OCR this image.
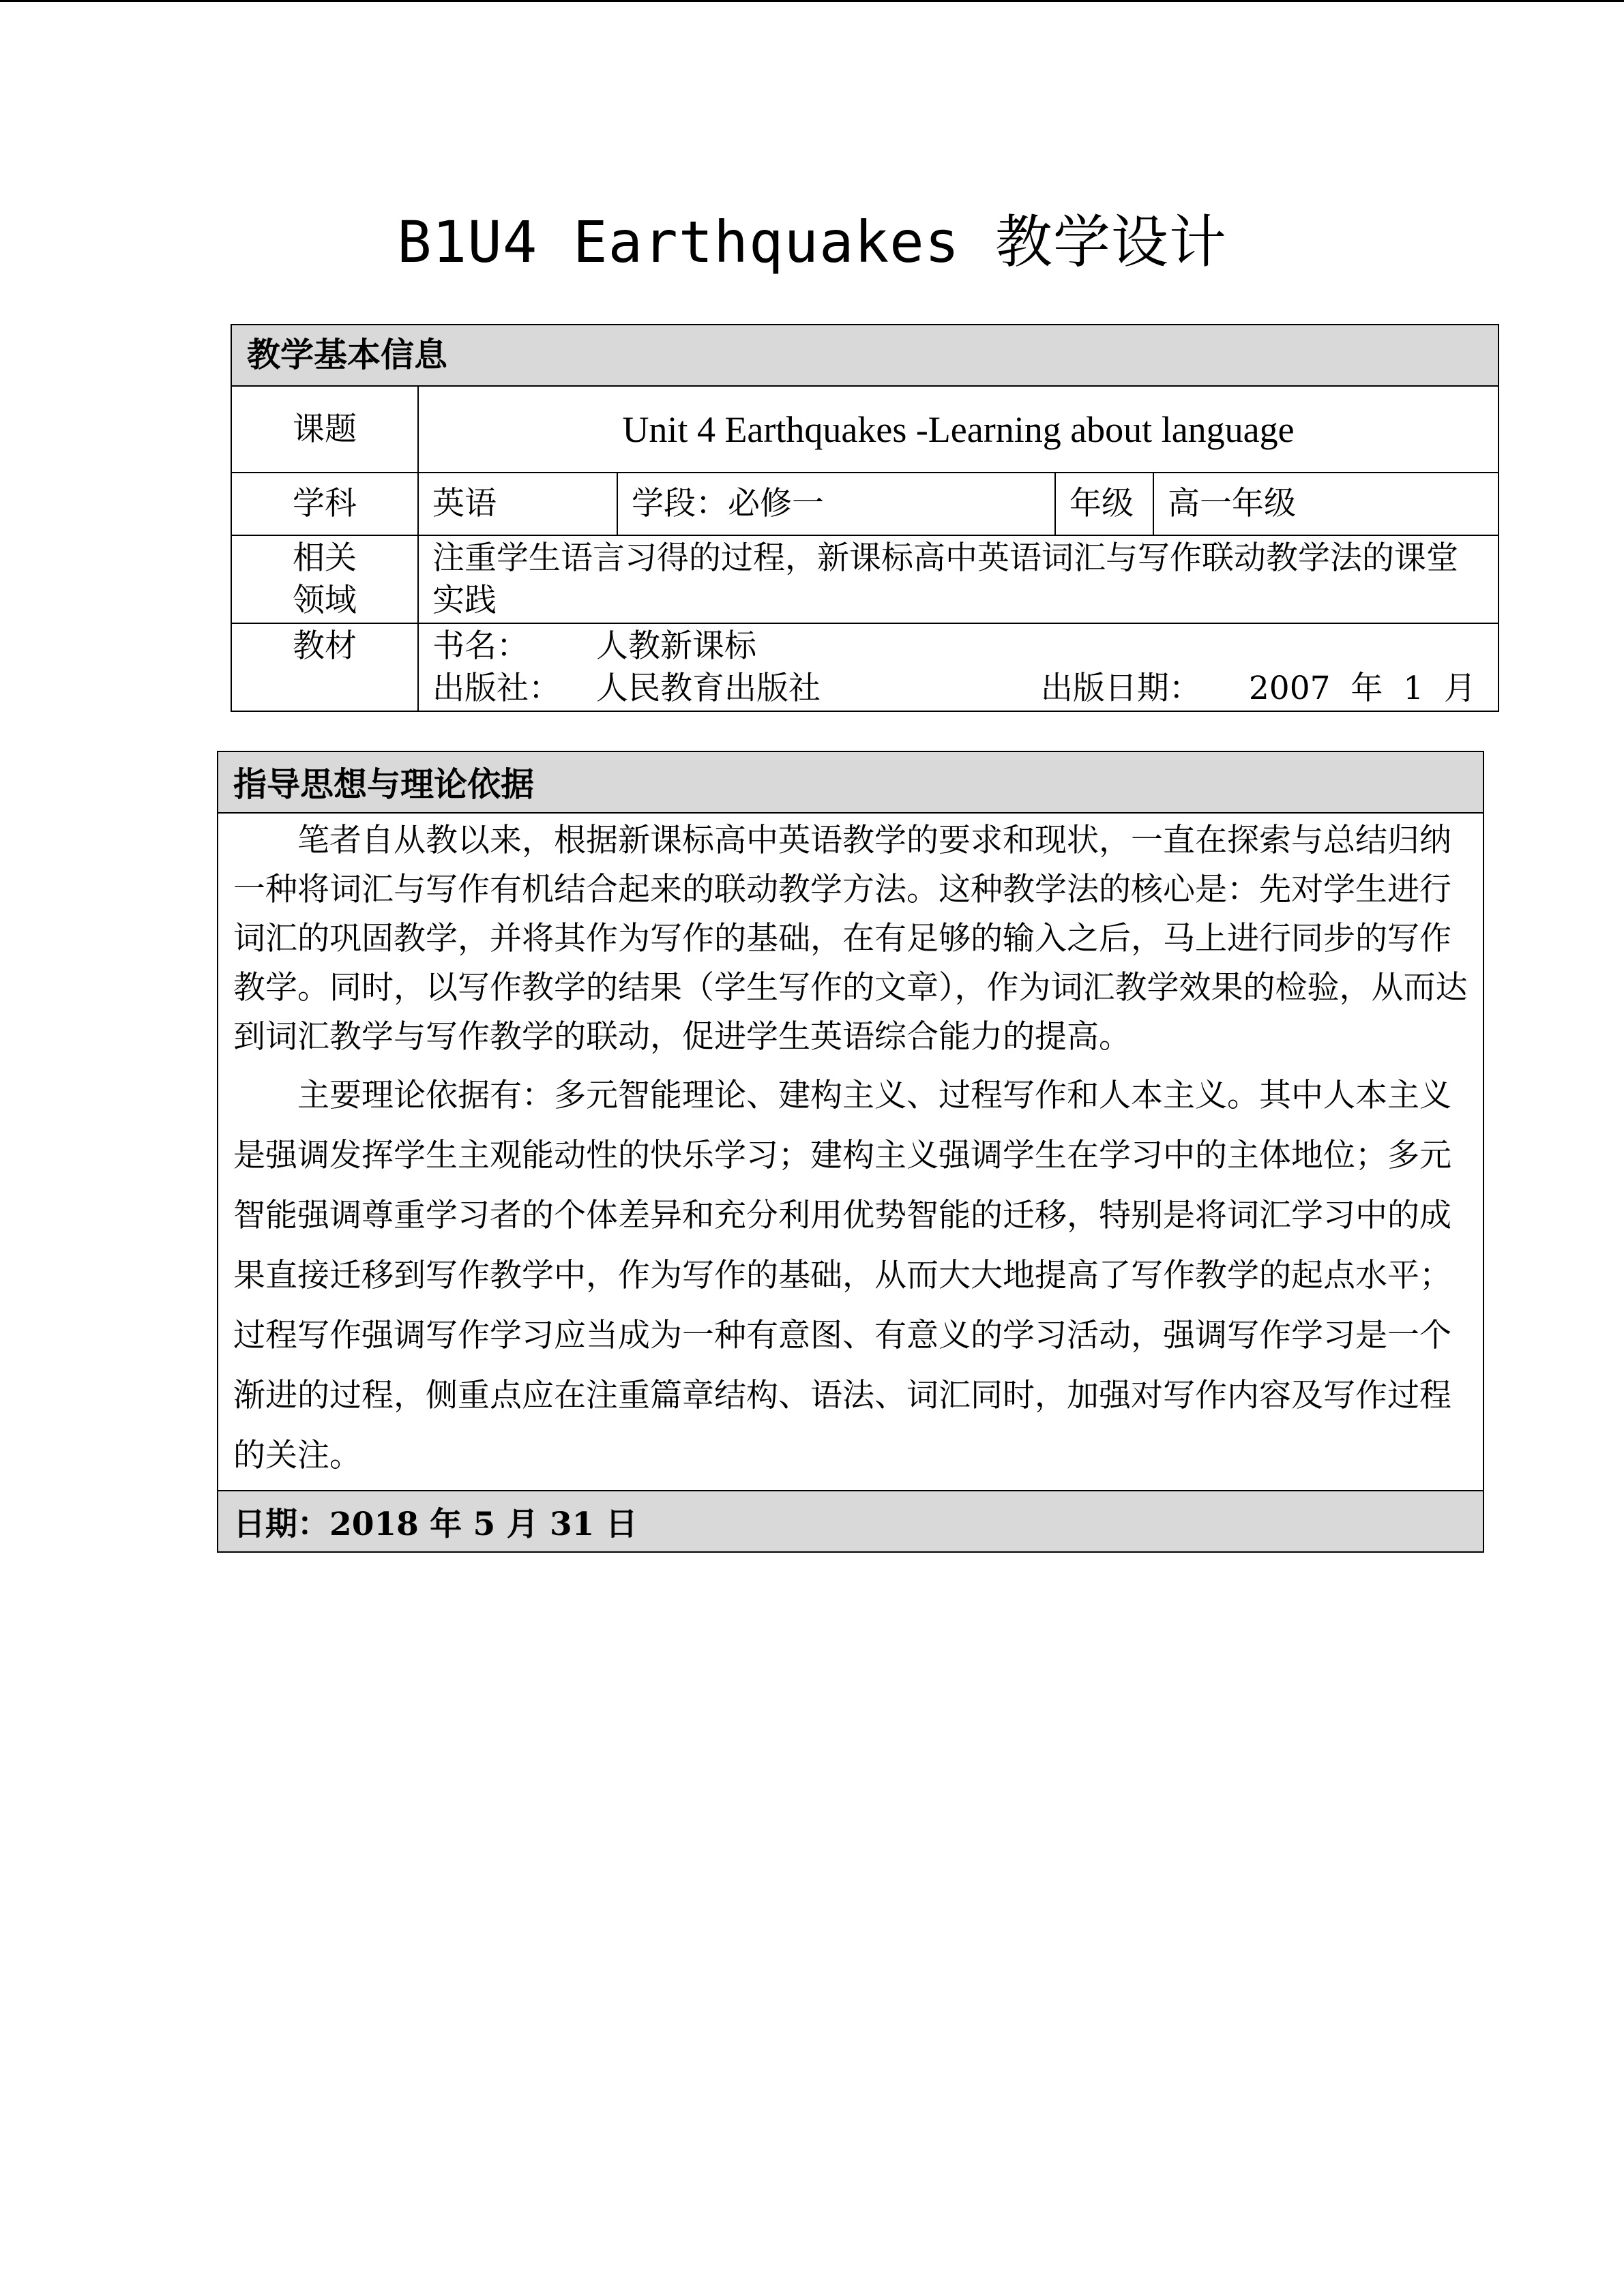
B1U4 Earthquakes 教学设计
教学基本信息				
课题	Unit 4 Earthquakes -Learning about language			
学科	英语	学段：必修一	年级	高一年级

相关
领域	注重学生语言习得的过程，新课标高中英语词汇与写作联动教学法的课堂实践			
教材	书名： 人教新课标
出版社： 人民教育出版社 出版日期： 2007  年  1  月			
指导思想与理论依据

笔者自从教以来，根据新课标高中英语教学的要求和现状，一直在探索与总结归纳一种将词汇与写作有机结合起来的联动教学方法。这种教学法的核心是：先对学生进行词汇的巩固教学，并将其作为写作的基础，在有足够的输入之后，马上进行同步的写作教学。同时，以写作教学的结果（学生写作的文章），作为词汇教学效果的检验，从而达到词汇教学与写作教学的联动，促进学生英语综合能力的提高。

主要理论依据有：多元智能理论、建构主义、过程写作和人本主义。其中人本主义是强调发挥学生主观能动性的快乐学习；建构主义强调学生在学习中的主体地位；多元智能强调尊重学习者的个体差异和充分利用优势智能的迁移，特别是将词汇学习中的成果直接迁移到写作教学中，作为写作的基础，从而大大地提高了写作教学的起点水平；过程写作强调写作学习应当成为一种有意图、有意义的学习活动，强调写作学习是一个渐进的过程，侧重点应在注重篇章结构、语法、词汇同时，加强对写作内容及写作过程的关注。

日期：2018 年 5 月 31 日
